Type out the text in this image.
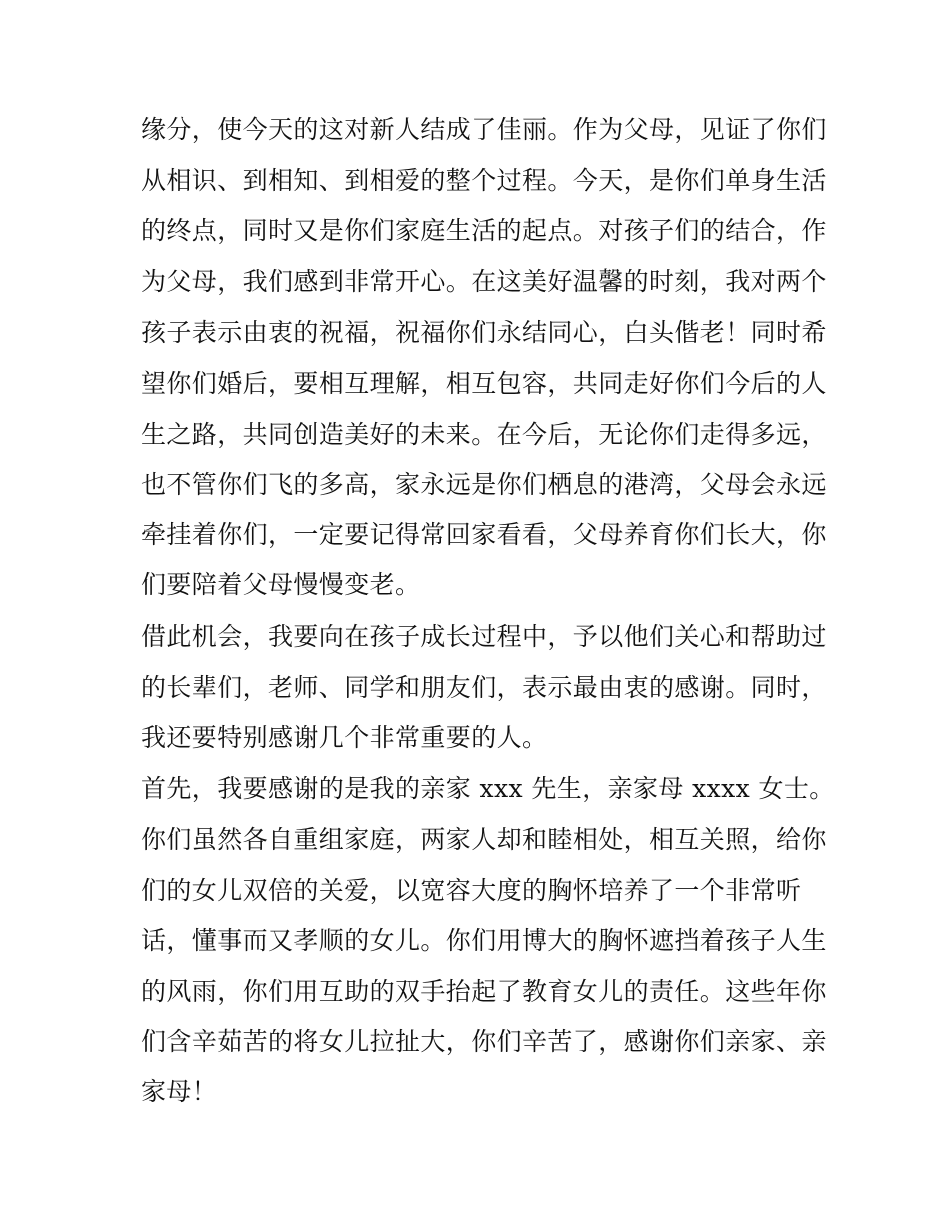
缘分，使今天的这对新人结成了佳丽。作为父母，见证了你们
从相识、到相知、到相爱的整个过程。今天，是你们单身生活
的终点，同时又是你们家庭生活的起点。对孩子们的结合，作
为父母，我们感到非常开心。在这美好温馨的时刻，我对两个
孩子表示由衷的祝福，祝福你们永结同心，白头偕老！同时希
望你们婚后，要相互理解，相互包容，共同走好你们今后的人
生之路，共同创造美好的未来。在今后，无论你们走得多远，
也不管你们飞的多高，家永远是你们栖息的港湾，父母会永远
牵挂着你们，一定要记得常回家看看，父母养育你们长大，你
们要陪着父母慢慢变老。
借此机会，我要向在孩子成长过程中，予以他们关心和帮助过
的长辈们，老师、同学和朋友们，表示最由衷的感谢。同时，
我还要特别感谢几个非常重要的人。
首先，我要感谢的是我的亲家 xxx 先生，亲家母 xxxx 女士。
你们虽然各自重组家庭，两家人却和睦相处，相互关照，给你
们的女儿双倍的关爱，以宽容大度的胸怀培养了一个非常听
话，懂事而又孝顺的女儿。你们用博大的胸怀遮挡着孩子人生
的风雨，你们用互助的双手抬起了教育女儿的责任。这些年你
们含辛茹苦的将女儿拉扯大，你们辛苦了，感谢你们亲家、亲
家母！
